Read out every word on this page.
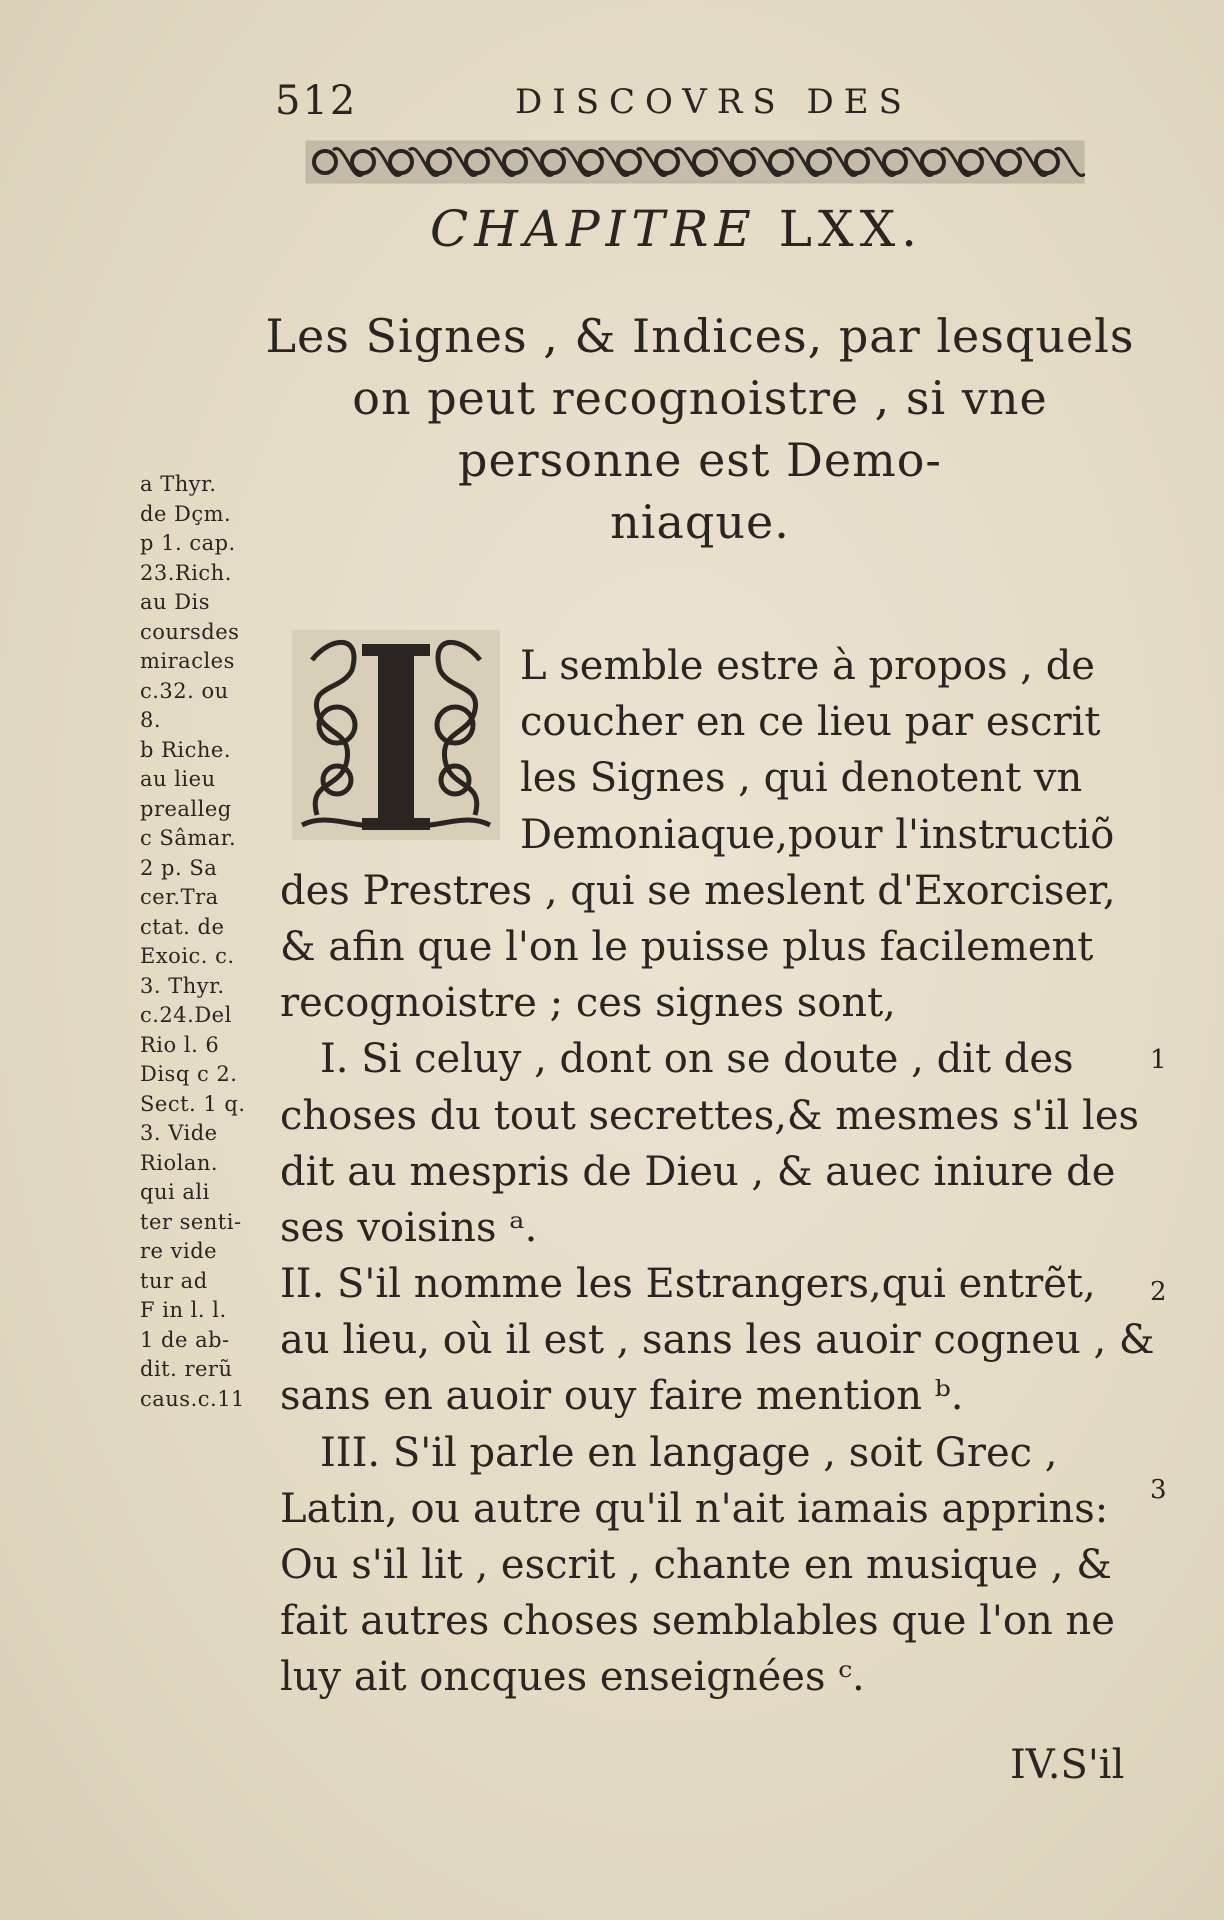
512	DISCOVRS DES
CHAPITRE LXX.
Les Signes , & Indices, par lesquels
on peut recognoistre , si vne
personne est Demo-
niaque.
a Thyr.
de Dçm.
p 1. cap.
23.Rich.
au Dis
coursdes
miracles
c.32. ou
8.
b Riche.
au lieu
prealleg
c Sâmar.
2 p. Sa
cer.Tra
ctat. de
Exoic. c.
3. Thyr.
c.24.Del
Rio l. 6
Disq c 2.
Sect. 1 q.
3. Vide
Riolan.
qui ali
ter senti-
re vide
tur ad
F in l. l.
1 de ab-
dit. rerũ
caus.c.11
I
L semble estre à propos , de
coucher en ce lieu par escrit
les Signes , qui denotent vn
Demoniaque,pour l'instructiõ
des Prestres , qui se meslent d'Exorciser,
& afin que l'on le puisse plus facilement
recognoistre ; ces signes sont,
I. Si celuy , dont on se doute , dit des
choses du tout secrettes,& mesmes s'il les
dit au mespris de Dieu , & auec iniure de
ses voisins ᵃ.
II. S'il nomme les Estrangers,qui entrẽt,
au lieu, où il est , sans les auoir cogneu , &
sans en auoir ouy faire mention ᵇ.
III. S'il parle en langage , soit Grec ,
Latin, ou autre qu'il n'ait iamais apprins:
Ou s'il lit , escrit , chante en musique , &
fait autres choses semblables que l'on ne
luy ait oncques enseignées ᶜ.
1
2
3
IV.S'il
